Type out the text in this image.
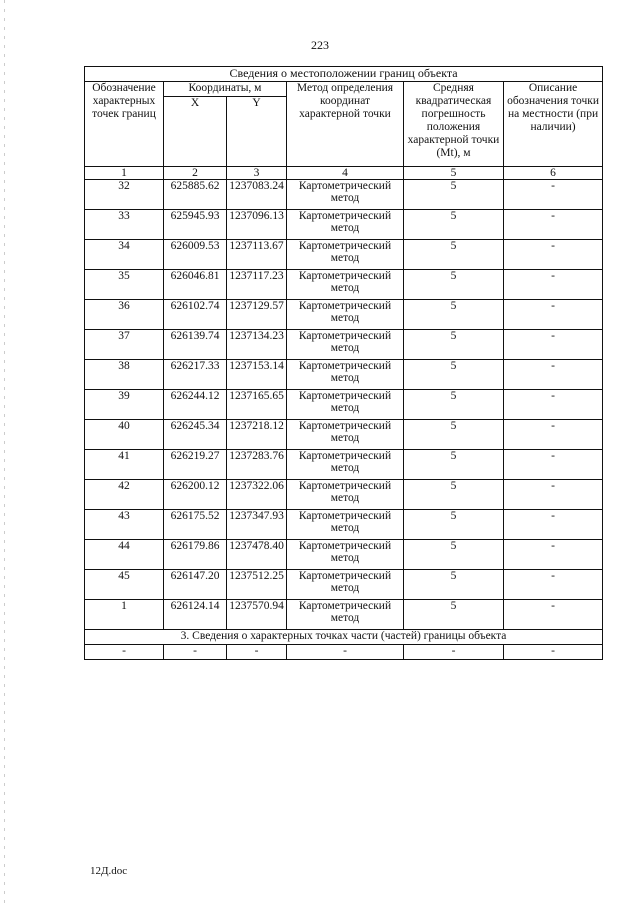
223
Сведения о местоположении границ объекта					
Обозначение характерных точек границ	Координаты, м		Метод определения координат характерной точки	Средняя квадратическая погрешность положения характерной точки (Mt), м	Описание обозначения точки на местности (при наличии)
	X	Y			
1	2	3	4	5	6
32	625885.62	1237083.24	Картометрический метод	5	-
33	625945.93	1237096.13	Картометрический метод	5	-
34	626009.53	1237113.67	Картометрический метод	5	-
35	626046.81	1237117.23	Картометрический метод	5	-
36	626102.74	1237129.57	Картометрический метод	5	-
37	626139.74	1237134.23	Картометрический метод	5	-
38	626217.33	1237153.14	Картометрический метод	5	-
39	626244.12	1237165.65	Картометрический метод	5	-
40	626245.34	1237218.12	Картометрический метод	5	-
41	626219.27	1237283.76	Картометрический метод	5	-
42	626200.12	1237322.06	Картометрический метод	5	-
43	626175.52	1237347.93	Картометрический метод	5	-
44	626179.86	1237478.40	Картометрический метод	5	-
45	626147.20	1237512.25	Картометрический метод	5	-
1	626124.14	1237570.94	Картометрический метод	5	-
3. Сведения о характерных точках части (частей) границы объекта					
-	-	-	-	-	-
12Д.doc
